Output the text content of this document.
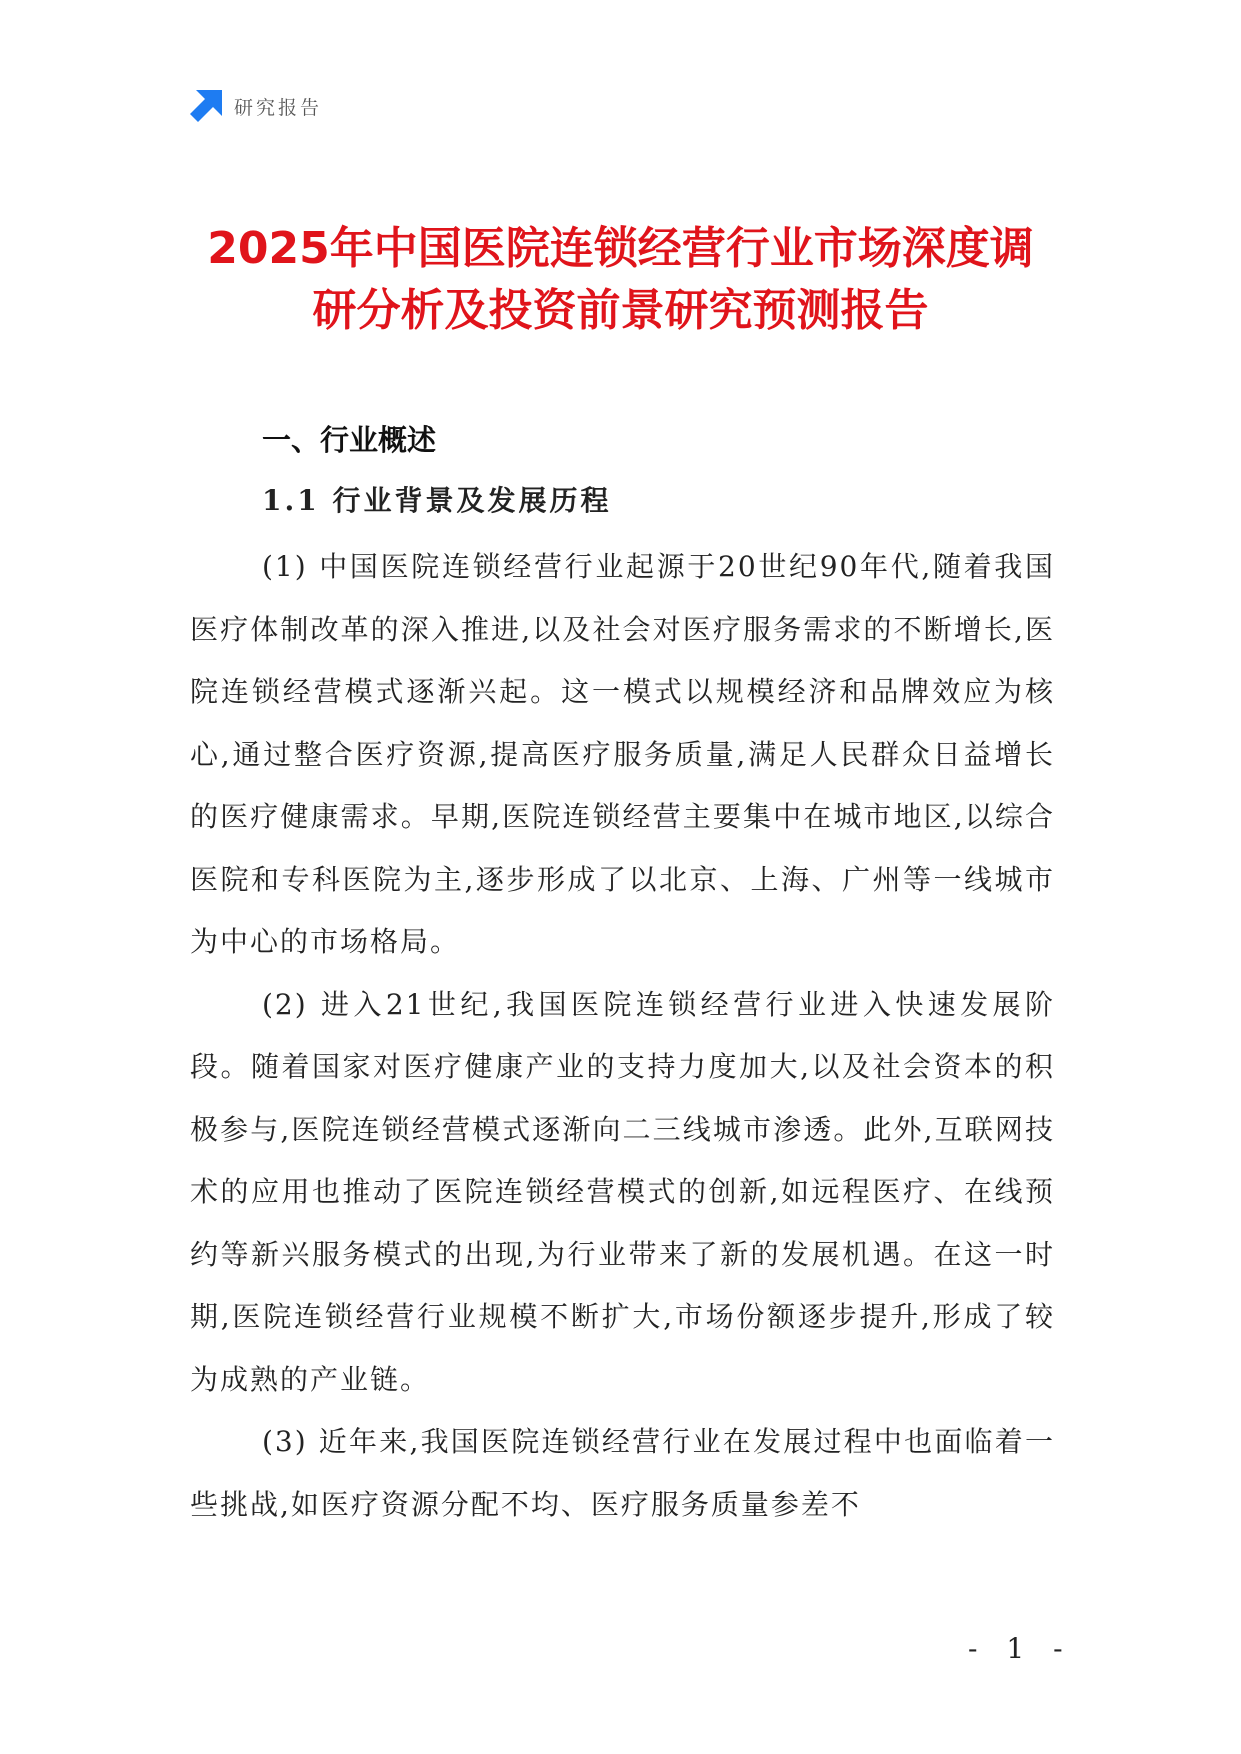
研究报告
2025年中国医院连锁经营行业市场深度调
研分析及投资前景研究预测报告
一、行业概述
1.1 行业背景及发展历程

(1) 中国医院连锁经营行业起源于20世纪90年代,随着我国医疗体制改革的深入推进,以及社会对医疗服务需求的不断增长,医院连锁经营模式逐渐兴起。这一模式以规模经济和品牌效应为核心,通过整合医疗资源,提高医疗服务质量,满足人民群众日益增长的医疗健康需求。早期,医院连锁经营主要集中在城市地区,以综合医院和专科医院为主,逐步形成了以北京、上海、广州等一线城市为中心的市场格局。

(2) 进入21世纪,我国医院连锁经营行业进入快速发展阶段。随着国家对医疗健康产业的支持力度加大,以及社会资本的积极参与,医院连锁经营模式逐渐向二三线城市渗透。此外,互联网技术的应用也推动了医院连锁经营模式的创新,如远程医疗、在线预约等新兴服务模式的出现,为行业带来了新的发展机遇。在这一时期,医院连锁经营行业规模不断扩大,市场份额逐步提升,形成了较为成熟的产业链。

(3) 近年来,我国医院连锁经营行业在发展过程中也面临着一些挑战,如医疗资源分配不均、医疗服务质量参差不

- 1 -
